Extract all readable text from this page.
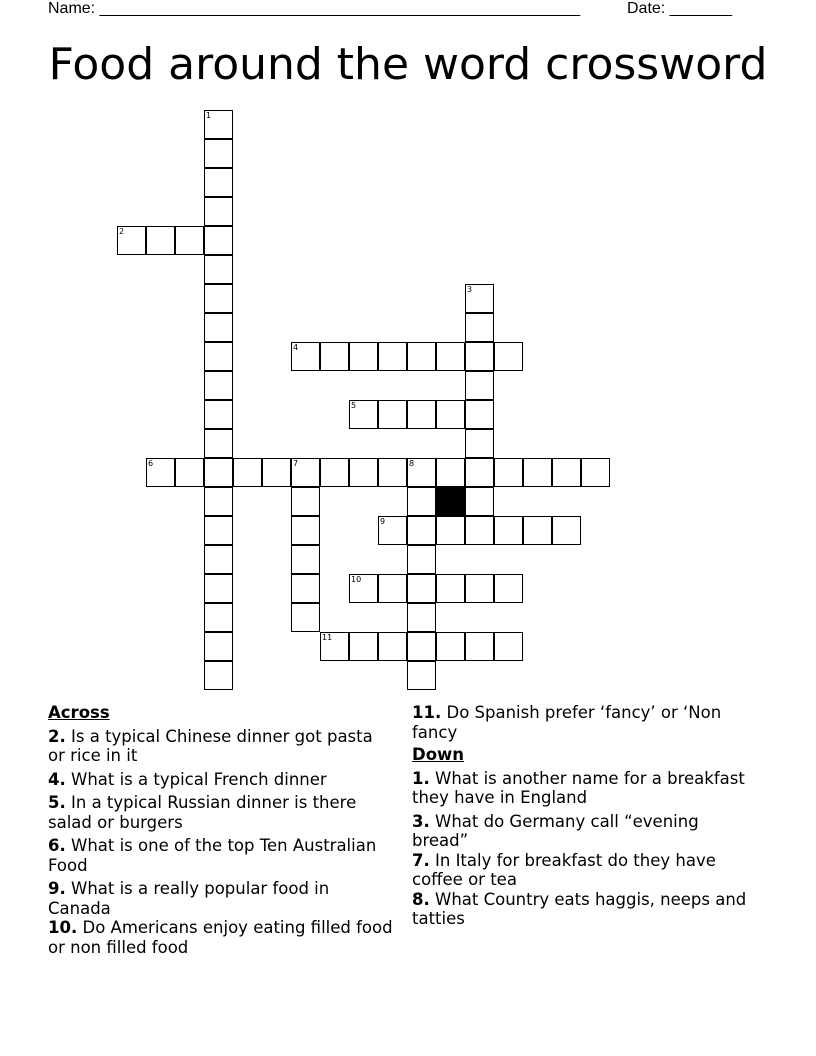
Name: ______________________________________________________	Date: _______
Food around the word crossword
1
2
3
4
5
6	7	8
9
10
11
Across
2. Is a typical Chinese dinner got pasta or rice in it
4. What is a typical French dinner
5. In a typical Russian dinner is there salad or burgers
6. What is one of the top Ten Australian Food
9. What is a really popular food in Canada
10. Do Americans enjoy eating filled food or non filled food
11. Do Spanish prefer ‘fancy’ or ‘Non fancy
Down
1. What is another name for a breakfast they have in England
3. What do Germany call “evening bread”
7. In Italy for breakfast do they have coffee or tea
8. What Country eats haggis, neeps and tatties
